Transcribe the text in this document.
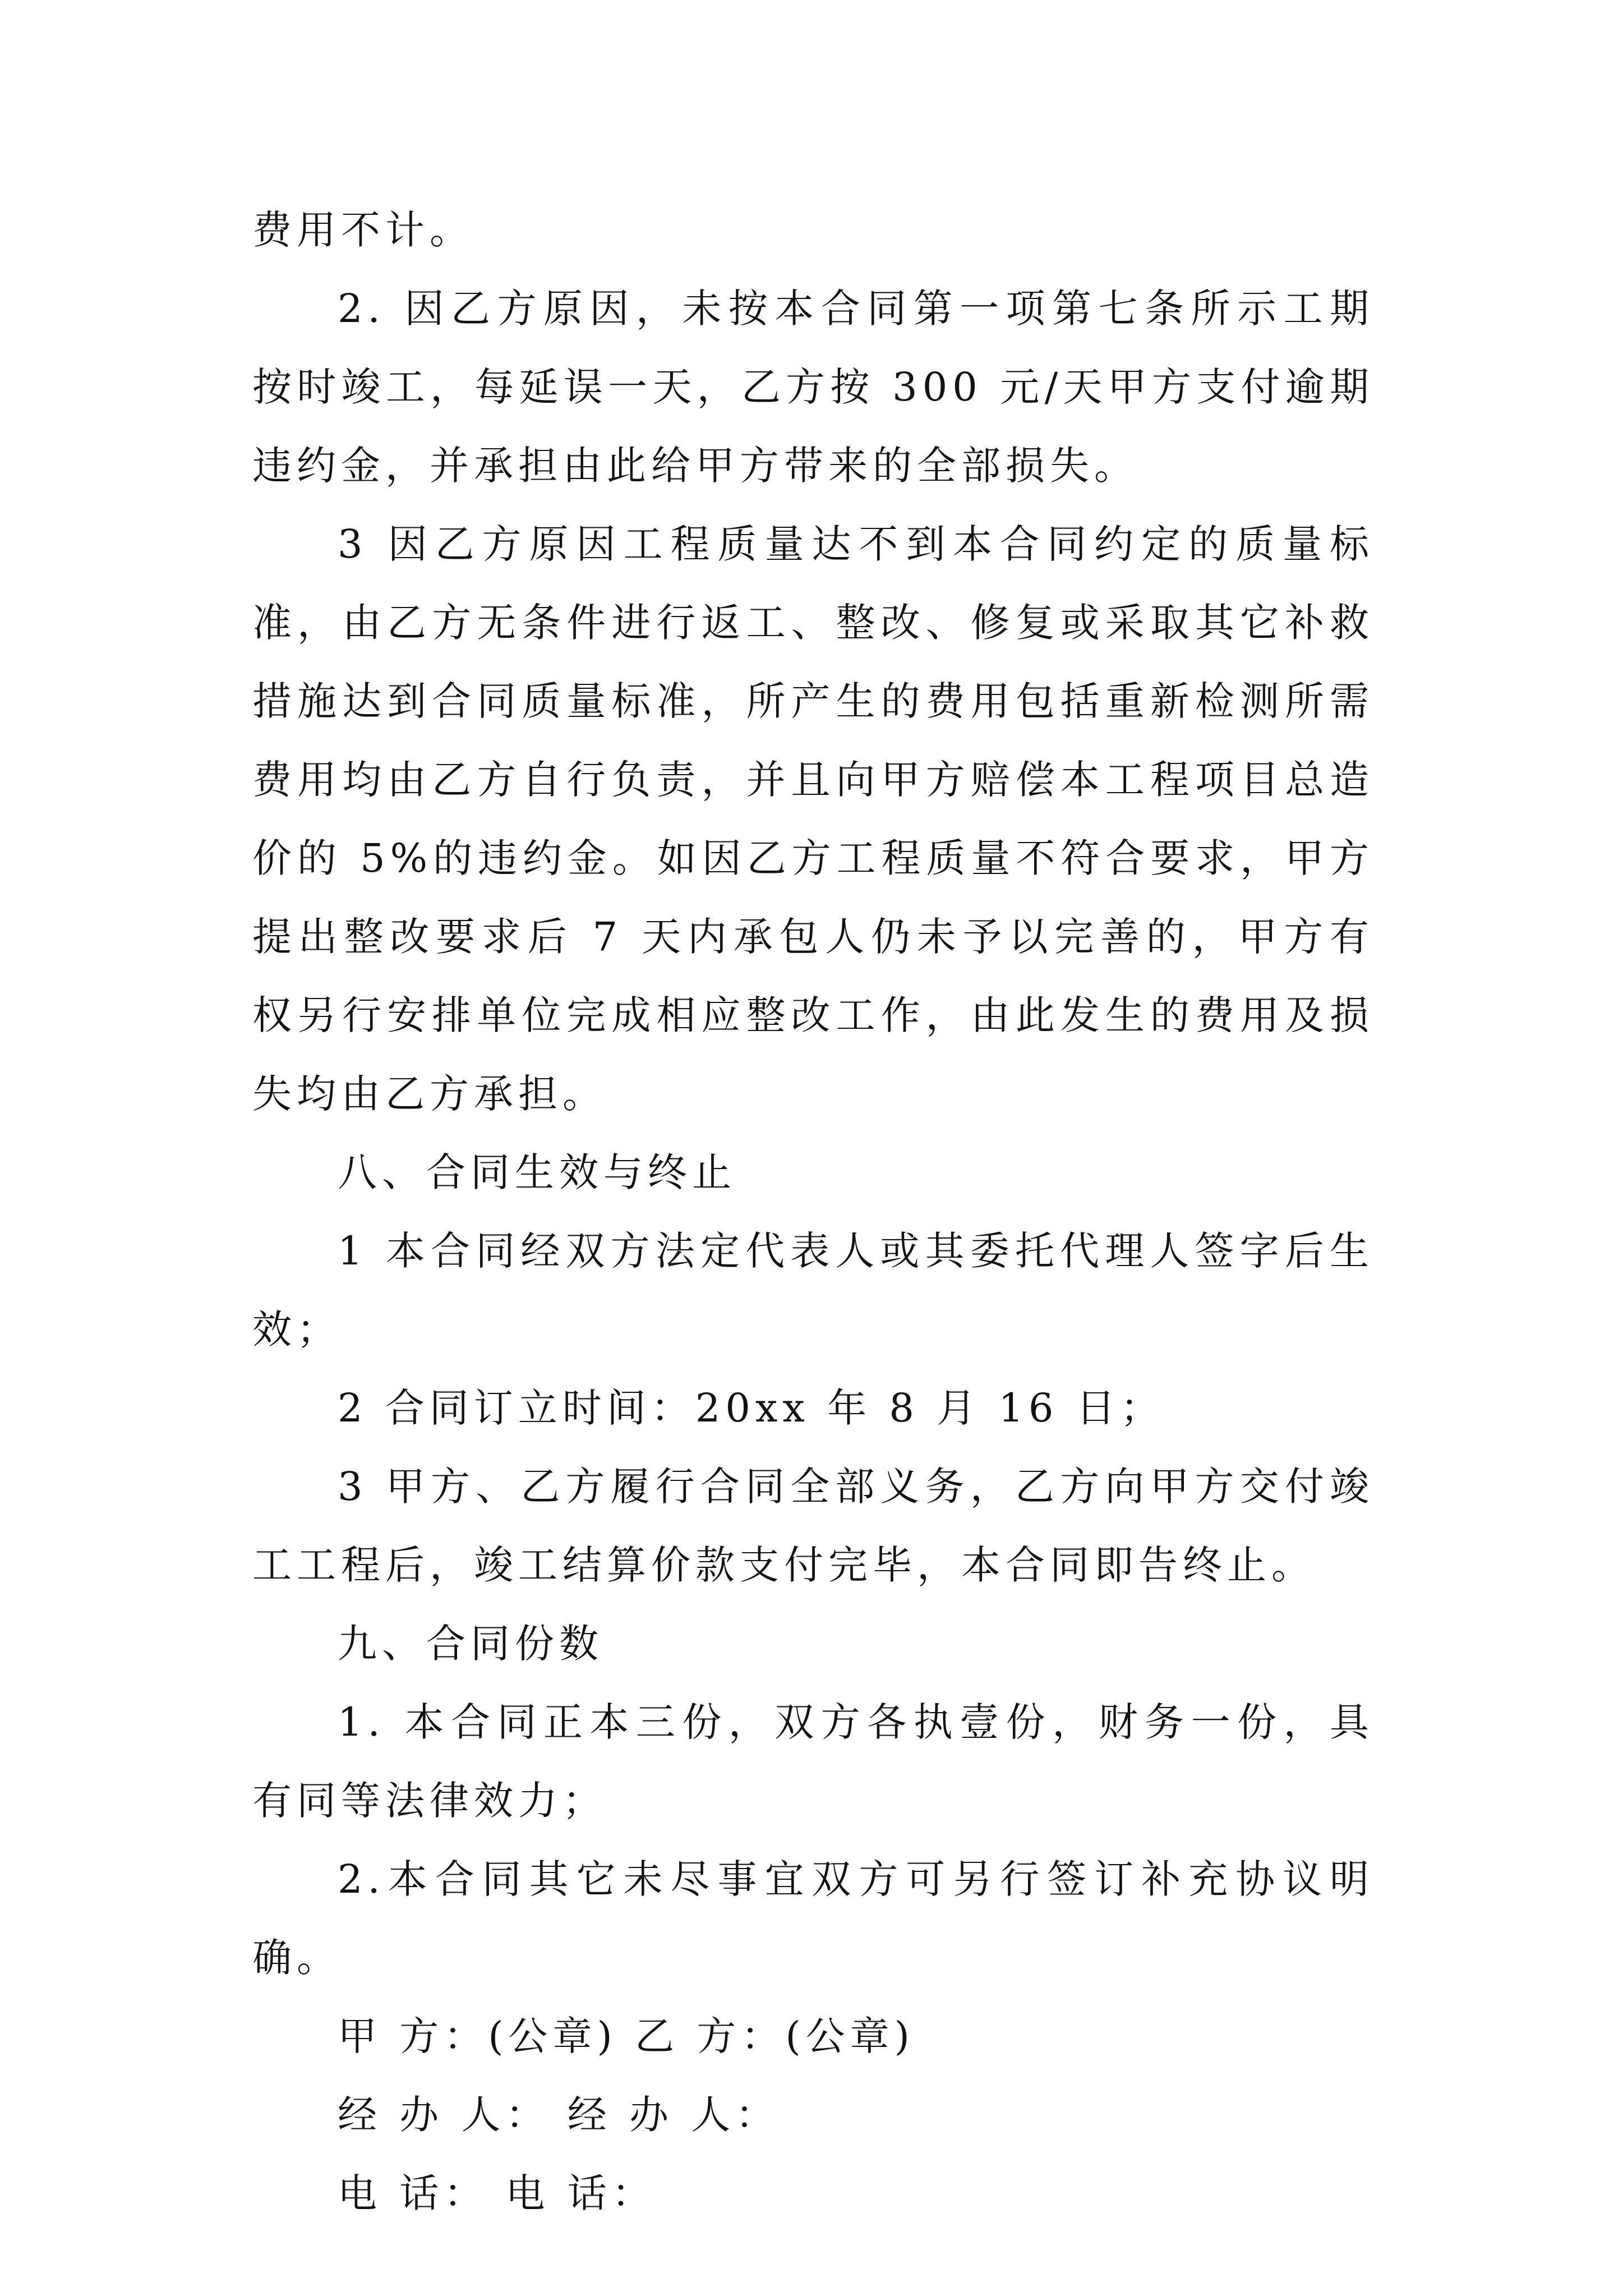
费用不计。

2. 因乙方原因，未按本合同第一项第七条所示工期按时竣工，每延误一天，乙方按 300 元/天甲方支付逾期违约金，并承担由此给甲方带来的全部损失。

3 因乙方原因工程质量达不到本合同约定的质量标准，由乙方无条件进行返工、整改、修复或采取其它补救措施达到合同质量标准，所产生的费用包括重新检测所需费用均由乙方自行负责，并且向甲方赔偿本工程项目总造价的 5%的违约金。如因乙方工程质量不符合要求，甲方提出整改要求后 7 天内承包人仍未予以完善的，甲方有权另行安排单位完成相应整改工作，由此发生的费用及损失均由乙方承担。

八、合同生效与终止

1 本合同经双方法定代表人或其委托代理人签字后生效；

2 合同订立时间：20xx 年 8 月 16 日；

3 甲方、乙方履行合同全部义务，乙方向甲方交付竣工工程后，竣工结算价款支付完毕，本合同即告终止。

九、合同份数

1. 本合同正本三份，双方各执壹份，财务一份，具有同等法律效力；

2.本合同其它未尽事宜双方可另行签订补充协议明确。

甲 方：(公章) 乙 方：(公章)

经 办 人： 经 办 人：

电 话： 电 话：
